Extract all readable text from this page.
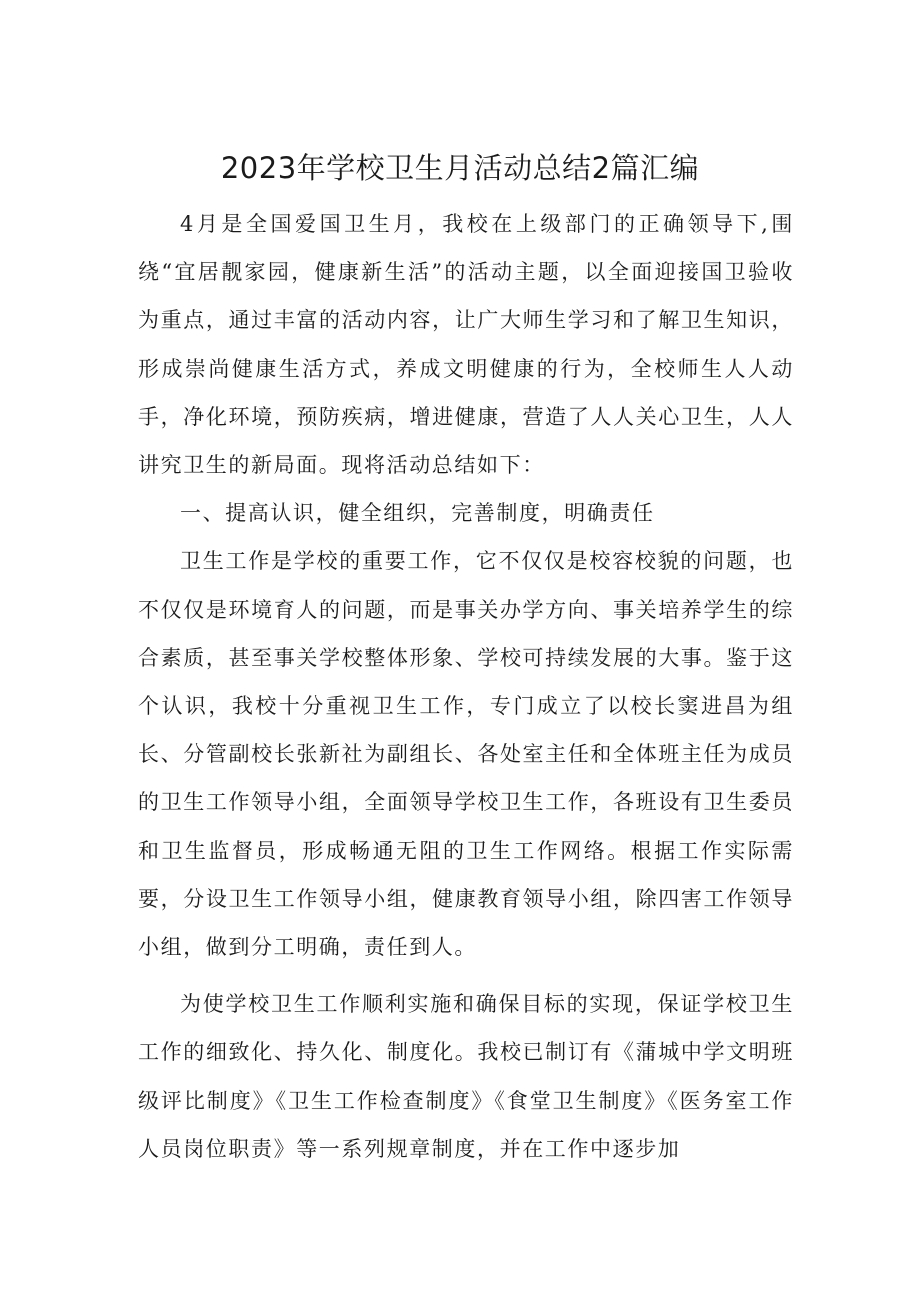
2023年学校卫生月活动总结2篇汇编

4月是全国爱国卫生月，我校在上级部门的正确领导下,围绕“宜居靓家园，健康新生活”的活动主题，以全面迎接国卫验收为重点，通过丰富的活动内容，让广大师生学习和了解卫生知识，形成崇尚健康生活方式，养成文明健康的行为，全校师生人人动手，净化环境，预防疾病，增进健康，营造了人人关心卫生，人人讲究卫生的新局面。现将活动总结如下：

一、提高认识，健全组织，完善制度，明确责任

卫生工作是学校的重要工作，它不仅仅是校容校貌的问题，也不仅仅是环境育人的问题，而是事关办学方向、事关培养学生的综合素质，甚至事关学校整体形象、学校可持续发展的大事。鉴于这个认识，我校十分重视卫生工作，专门成立了以校长窦进昌为组长、分管副校长张新社为副组长、各处室主任和全体班主任为成员的卫生工作领导小组，全面领导学校卫生工作，各班设有卫生委员和卫生监督员，形成畅通无阻的卫生工作网络。根据工作实际需要，分设卫生工作领导小组，健康教育领导小组，除四害工作领导小组，做到分工明确，责任到人。

为使学校卫生工作顺利实施和确保目标的实现，保证学校卫生工作的细致化、持久化、制度化。我校已制订有《蒲城中学文明班级评比制度》《卫生工作检查制度》《食堂卫生制度》《医务室工作人员岗位职责》等一系列规章制度，并在工作中逐步加
